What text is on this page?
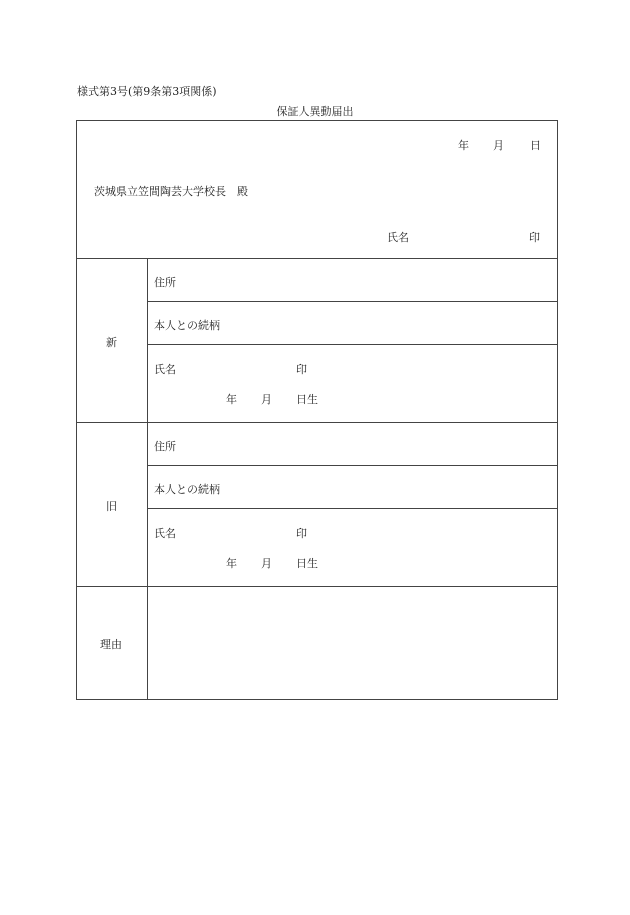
様式第3号(第9条第3項関係)
保証人異動届出
年 月 日
茨城県立笠間陶芸大学校長　殿
氏名	印
新
住所
本人との続柄
氏名	印
年 月 日生
旧
住所
本人との続柄
氏名	印
年 月 日生
理由
